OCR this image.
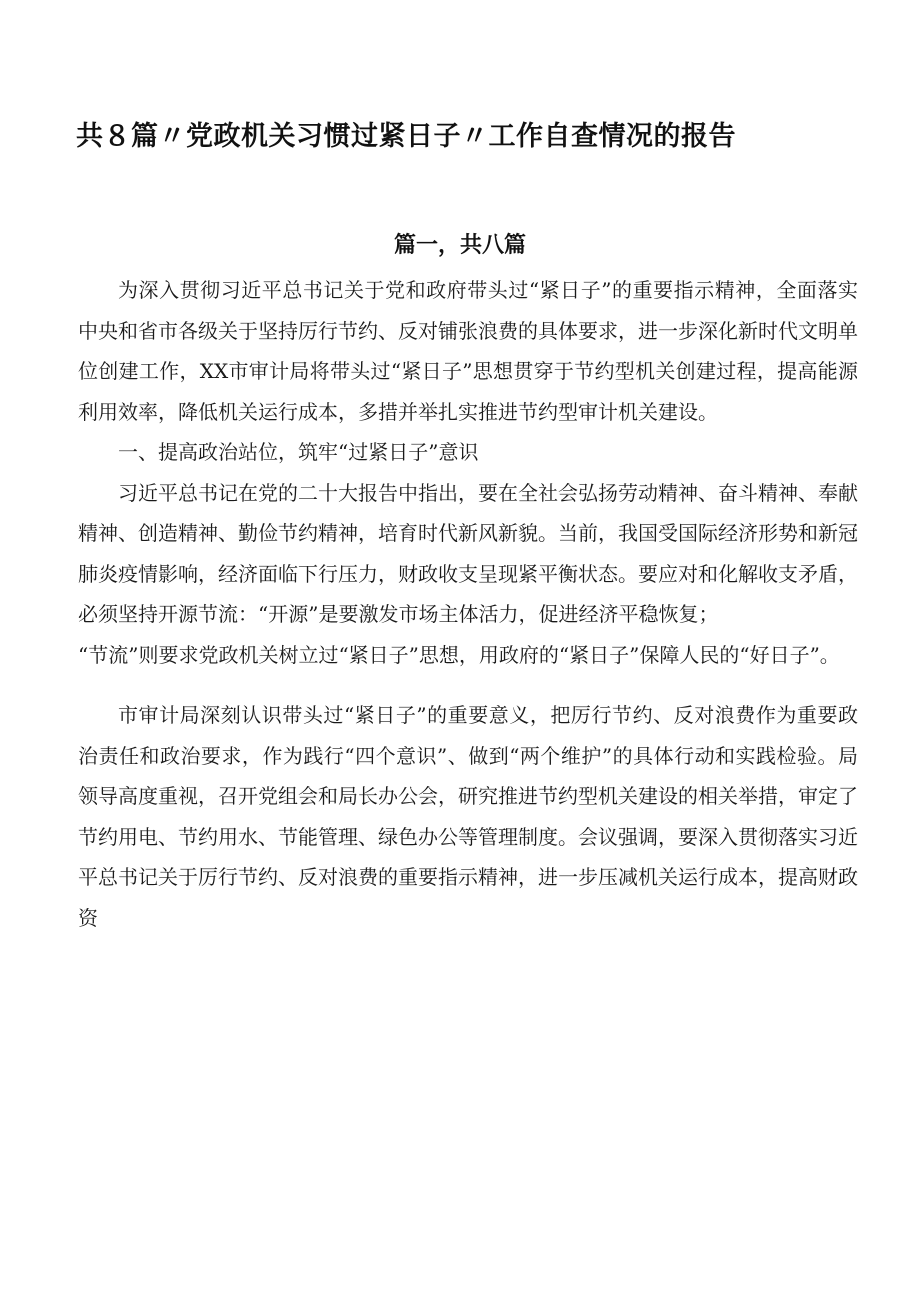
共８篇〃党政机关习惯过紧日子〃工作自查情况的报告
篇一，共八篇

为深入贯彻习近平总书记关于党和政府带头过“紧日子”的重要指示精神，全面落实中央和省市各级关于坚持厉行节约、反对铺张浪费的具体要求，进一步深化新时代文明单位创建工作，XX市审计局将带头过“紧日子”思想贯穿于节约型机关创建过程，提高能源利用效率，降低机关运行成本，多措并举扎实推进节约型审计机关建设。

一、提高政治站位，筑牢“过紧日子”意识

习近平总书记在党的二十大报告中指出，要在全社会弘扬劳动精神、奋斗精神、奉献精神、创造精神、勤俭节约精神，培育时代新风新貌。当前，我国受国际经济形势和新冠肺炎疫情影响，经济面临下行压力，财政收支呈现紧平衡状态。要应对和化解收支矛盾，必须坚持开源节流：“开源”是要激发市场主体活力，促进经济平稳恢复；

“节流”则要求党政机关树立过“紧日子”思想，用政府的“紧日子”保障人民的“好日子”。

市审计局深刻认识带头过“紧日子”的重要意义，把厉行节约、反对浪费作为重要政治责任和政治要求，作为践行“四个意识”、做到“两个维护”的具体行动和实践检验。局领导高度重视，召开党组会和局长办公会，研究推进节约型机关建设的相关举措，审定了节约用电、节约用水、节能管理、绿色办公等管理制度。会议强调，要深入贯彻落实习近平总书记关于厉行节约、反对浪费的重要指示精神，进一步压减机关运行成本，提高财政资
